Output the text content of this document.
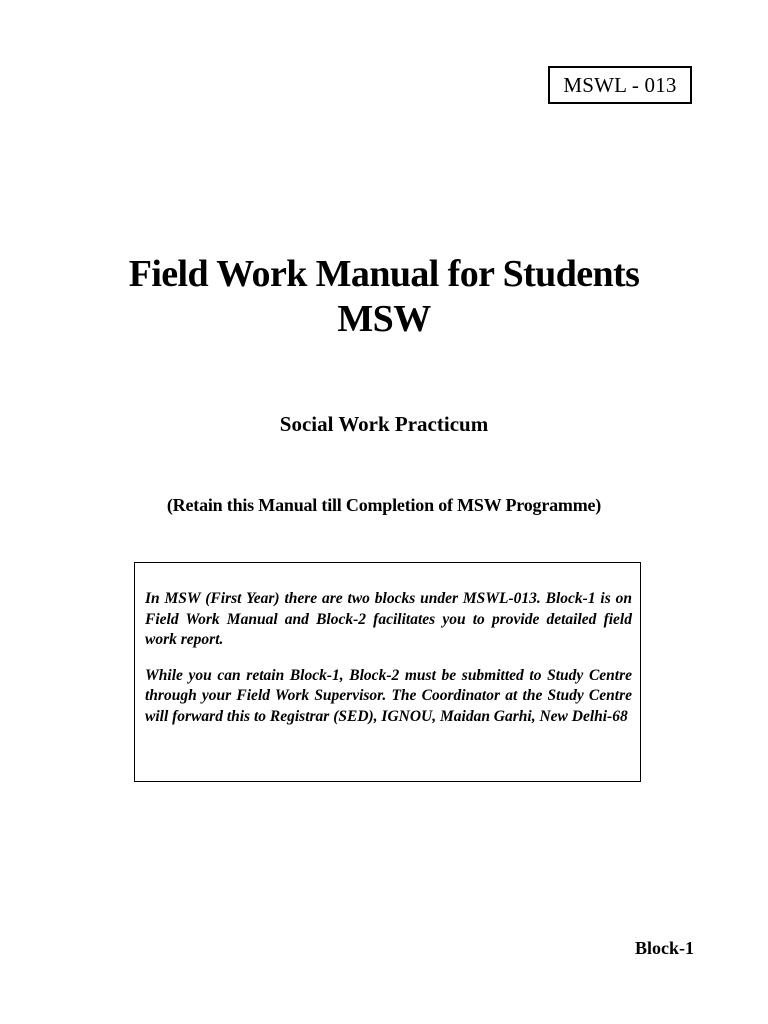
MSWL - 013
Field Work Manual for Students
MSW
Social Work Practicum
(Retain this Manual till Completion of MSW Programme)

In MSW (First Year) there are two blocks under MSWL-013. Block-1 is on Field Work Manual and Block-2 facilitates you to provide detailed field work report.

While you can retain Block-1, Block-2 must be submitted to Study Centre through your Field Work Supervisor. The Coordinator at the Study Centre will forward this to Registrar (SED), IGNOU, Maidan Garhi, New Delhi-68

Block-1
